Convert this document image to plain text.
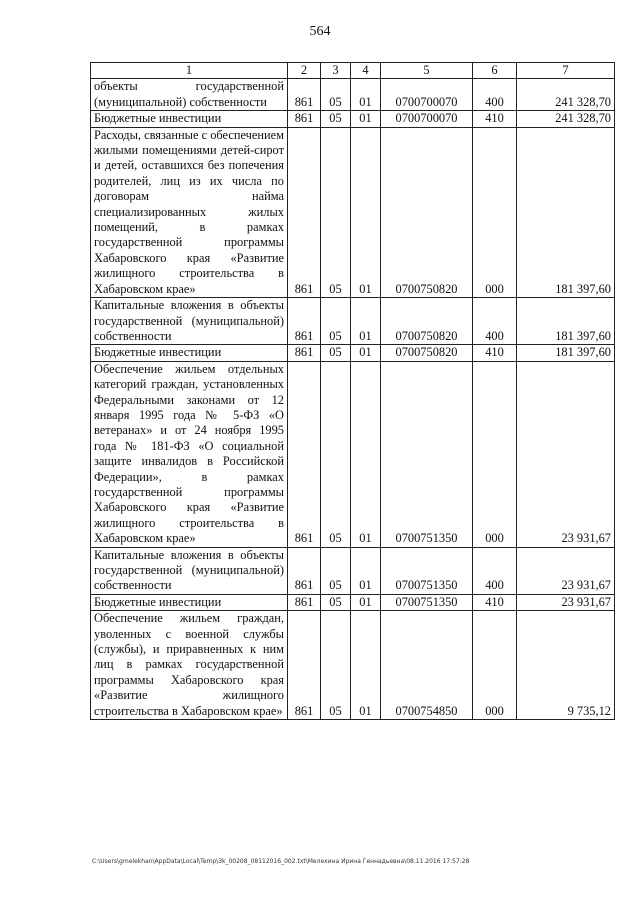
564
1	2	3	4	5	6	7
объекты государственной (муниципальной) собственности	861	05	01	0700700070	400	241 328,70
Бюджетные инвестиции	861	05	01	0700700070	410	241 328,70
Расходы, связанные с обеспечением жилыми помещениями детей-сирот и детей, оставшихся без попечения родителей, лиц из их числа по договорам найма специализированных жилых помещений, в рамках государственной программы Хабаровского края «Развитие жилищного строительства в Хабаровском крае»	861	05	01	0700750820	000	181 397,60
Капитальные вложения в объекты государственной (муниципальной) собственности	861	05	01	0700750820	400	181 397,60
Бюджетные инвестиции	861	05	01	0700750820	410	181 397,60
Обеспечение жильем отдельных категорий граждан, установленных Федеральными законами от 12 января 1995 года № 5-ФЗ «О ветеранах» и от 24 ноября 1995 года № 181-ФЗ «О социальной защите инвалидов в Российской Федерации», в рамках государственной программы Хабаровского края «Развитие жилищного строительства в Хабаровском крае»	861	05	01	0700751350	000	23 931,67
Капитальные вложения в объекты государственной (муниципальной) собственности	861	05	01	0700751350	400	23 931,67
Бюджетные инвестиции	861	05	01	0700751350	410	23 931,67
Обеспечение жильем граждан, уволенных с военной службы (службы), и приравненных к ним лиц в рамках государственной программы Хабаровского края «Развитие жилищного строительства в Хабаровском крае»	861	05	01	0700754850	000	9 735,12
C:\Users\gmelekhan\AppData\Local\Temp\3k_00208_08112016_002.txt\Мелехина Ирина Геннадьевна\08.11.2016 17:57:28
